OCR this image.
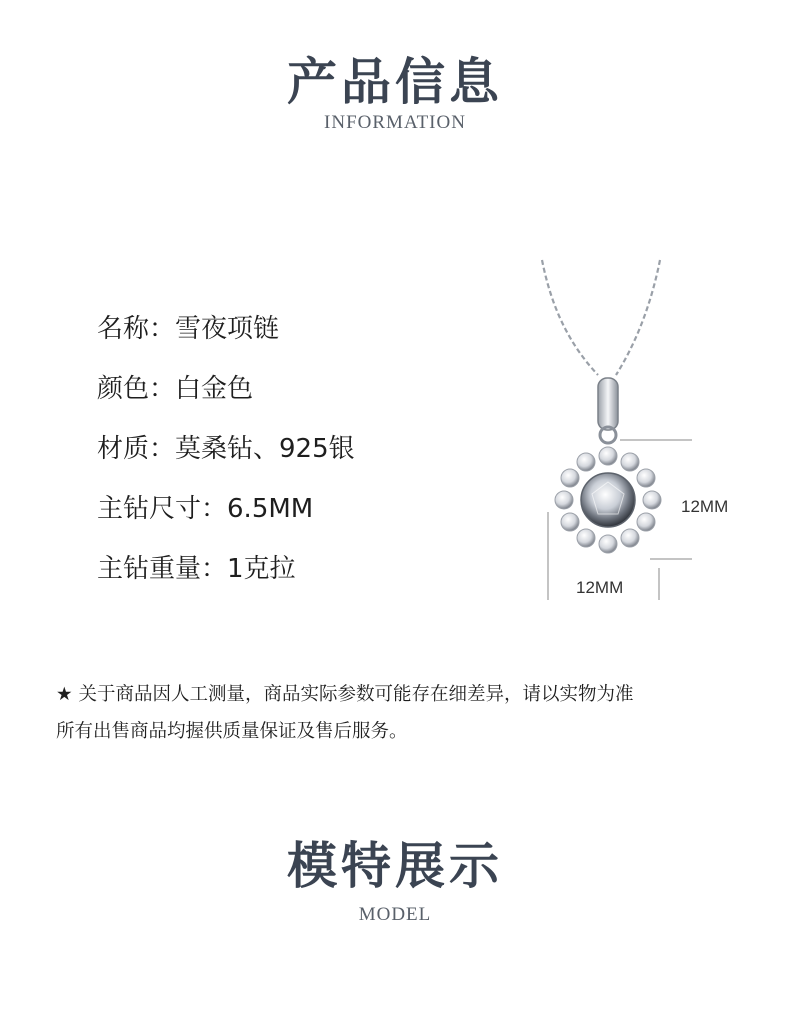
产品信息
INFORMATION
名称：雪夜项链
颜色：白金色
材质：莫桑钻、925银
主钻尺寸：6.5MM
主钻重量：1克拉
12MM
12MM
★ 关于商品因人工测量，商品实际参数可能存在细差异，请以实物为准
所有出售商品均握供质量保证及售后服务。
模特展示
MODEL
